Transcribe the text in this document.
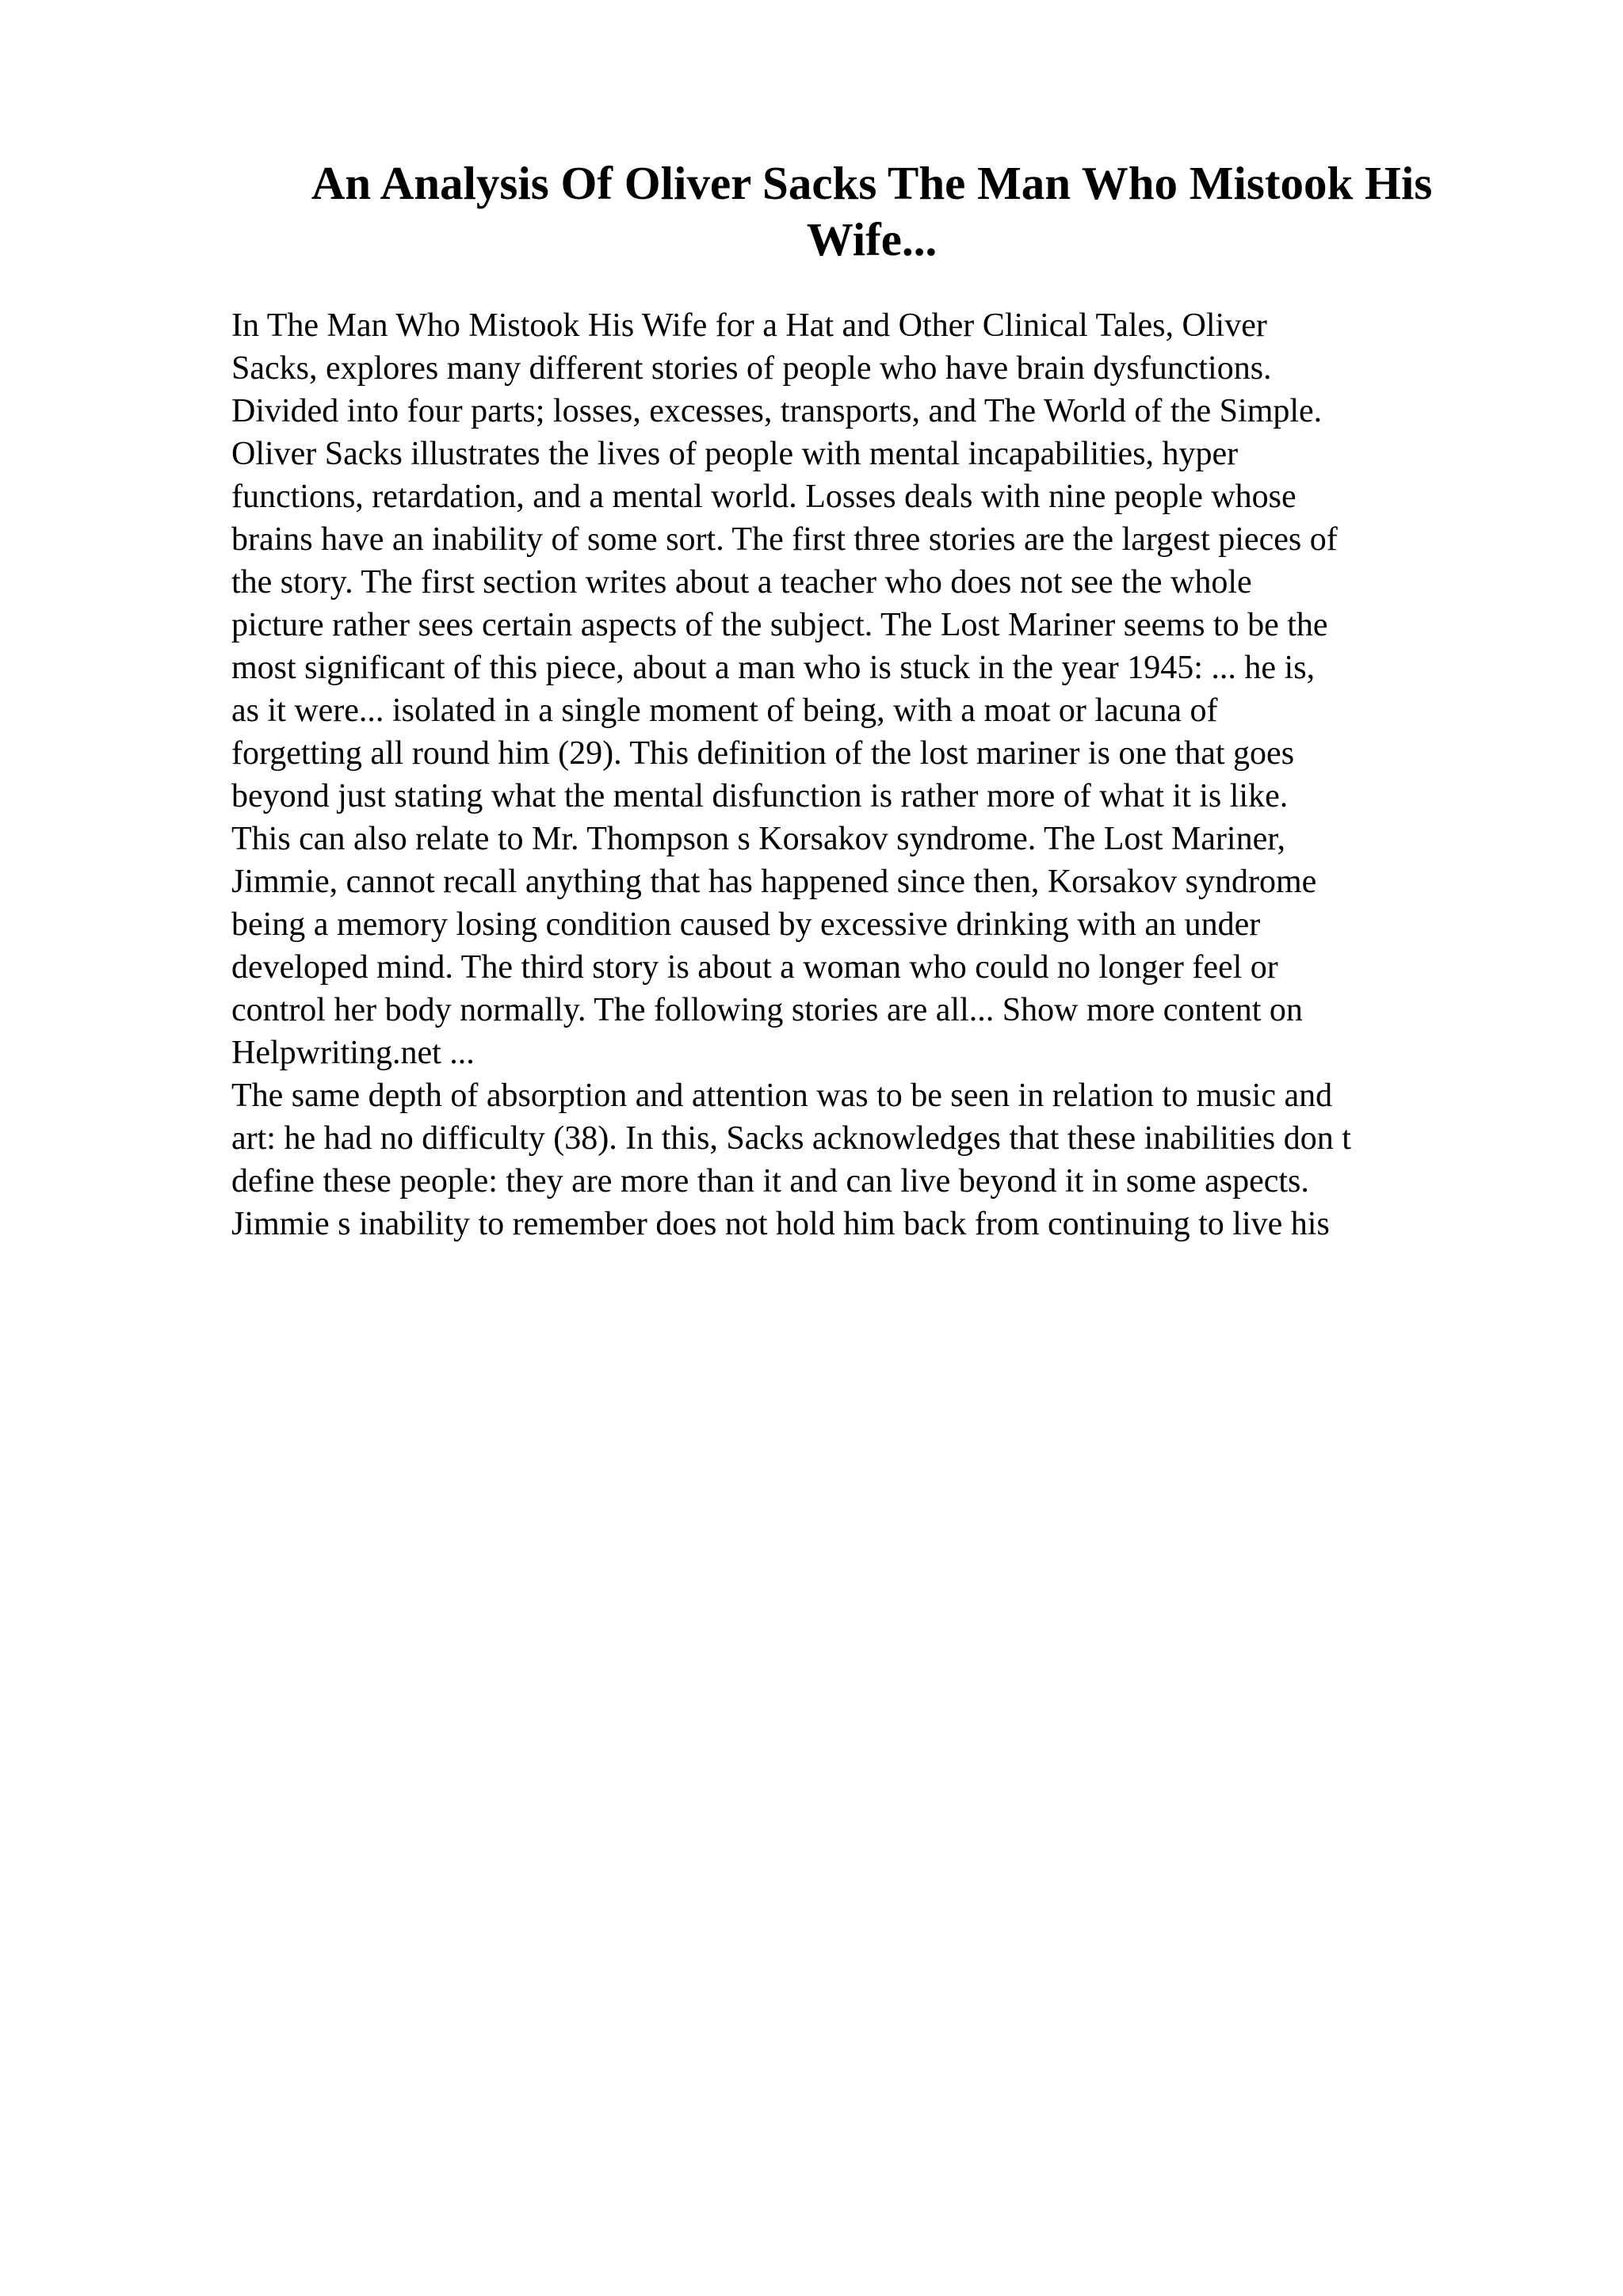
An Analysis Of Oliver Sacks The Man Who Mistook His
Wife...
In The Man Who Mistook His Wife for a Hat and Other Clinical Tales, Oliver
Sacks, explores many different stories of people who have brain dysfunctions.
Divided into four parts; losses, excesses, transports, and The World of the Simple.
Oliver Sacks illustrates the lives of people with mental incapabilities, hyper
functions, retardation, and a mental world. Losses deals with nine people whose
brains have an inability of some sort. The first three stories are the largest pieces of
the story. The first section writes about a teacher who does not see the whole
picture rather sees certain aspects of the subject. The Lost Mariner seems to be the
most significant of this piece, about a man who is stuck in the year 1945: ... he is,
as it were... isolated in a single moment of being, with a moat or lacuna of
forgetting all round him (29). This definition of the lost mariner is one that goes
beyond just stating what the mental disfunction is rather more of what it is like.
This can also relate to Mr. Thompson s Korsakov syndrome. The Lost Mariner,
Jimmie, cannot recall anything that has happened since then, Korsakov syndrome
being a memory losing condition caused by excessive drinking with an under
developed mind. The third story is about a woman who could no longer feel or
control her body normally. The following stories are all... Show more content on
Helpwriting.net ...
The same depth of absorption and attention was to be seen in relation to music and
art: he had no difficulty (38). In this, Sacks acknowledges that these inabilities don t
define these people: they are more than it and can live beyond it in some aspects.
Jimmie s inability to remember does not hold him back from continuing to live his
